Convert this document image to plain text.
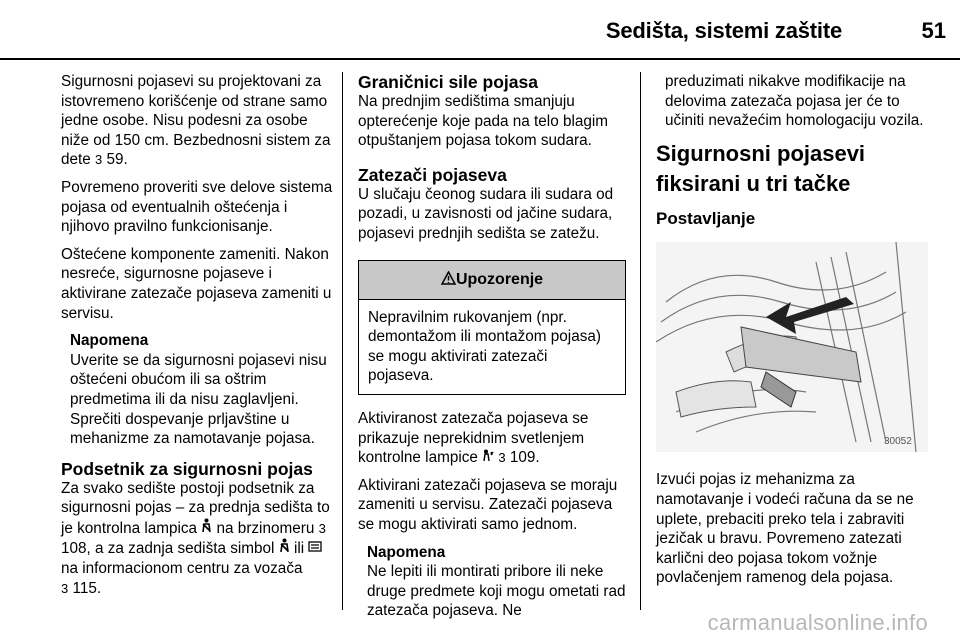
Sedišta, sistemi zaštite	51

Sigurnosni pojasevi su projektovani za istovremeno korišćenje od strane samo jedne osobe. Nisu podesni za osobe niže od 150 cm. Bezbednosni sistem za dete 3 59.

Povremeno proveriti sve delove sistema pojasa od eventualnih oštećenja i njihovo pravilno funkcionisanje.

Oštećene komponente zameniti. Nakon nesreće, sigurnosne pojaseve i aktivirane zatezače pojaseva zameniti u servisu.

Napomena
Uverite se da sigurnosni pojasevi nisu oštećeni obućom ili sa oštrim predmetima ili da nisu zaglavljeni. Sprečiti dospevanje prljavštine u mehanizme za namotavanje pojasa.
Podsetnik za sigurnosni pojas

Za svako sedište postoji podsetnik za sigurnosni pojas – za prednja sedišta to je kontrolna lampica na brzinomeru 3 108, a za zadnja sedišta simbol ili  na informacionom centru za vozača
3 115.

Graničnici sile pojasa

Na prednjim sedištima smanjuju opterećenje koje pada na telo blagim otpuštanjem pojasa tokom sudara.

Zatezači pojaseva

U slučaju čeonog sudara ili sudara od pozadi, u zavisnosti od jačine sudara, pojasevi prednjih sedišta se zatežu.

Upozorenje
Nepravilnim rukovanjem (npr. demontažom ili montažom pojasa) se mogu aktivirati zatezači pojaseva.

Aktiviranost zatezača pojaseva se prikazuje neprekidnim svetlenjem kontrolne lampice 3 109.

Aktivirani zatezači pojaseva se moraju zameniti u servisu. Zatezači pojaseva se mogu aktivirati samo jednom.

Napomena
Ne lepiti ili montirati pribore ili neke druge predmete koji mogu ometati rad zatezača pojaseva. Ne

preduzimati nikakve modifikacije na delovima zatezača pojasa jer će to učiniti nevažećim homologaciju vozila.

Sigurnosni pojasevi
fiksirani u tri tačke
Postavljanje
30052

Izvući pojas iz mehanizma za namotavanje i vodeći računa da se ne uplete, prebaciti preko tela i zabraviti jezičak u bravu. Povremeno zatezati karlični deo pojasa tokom vožnje povlačenjem ramenog dela pojasa.

carmanualsonline.info
